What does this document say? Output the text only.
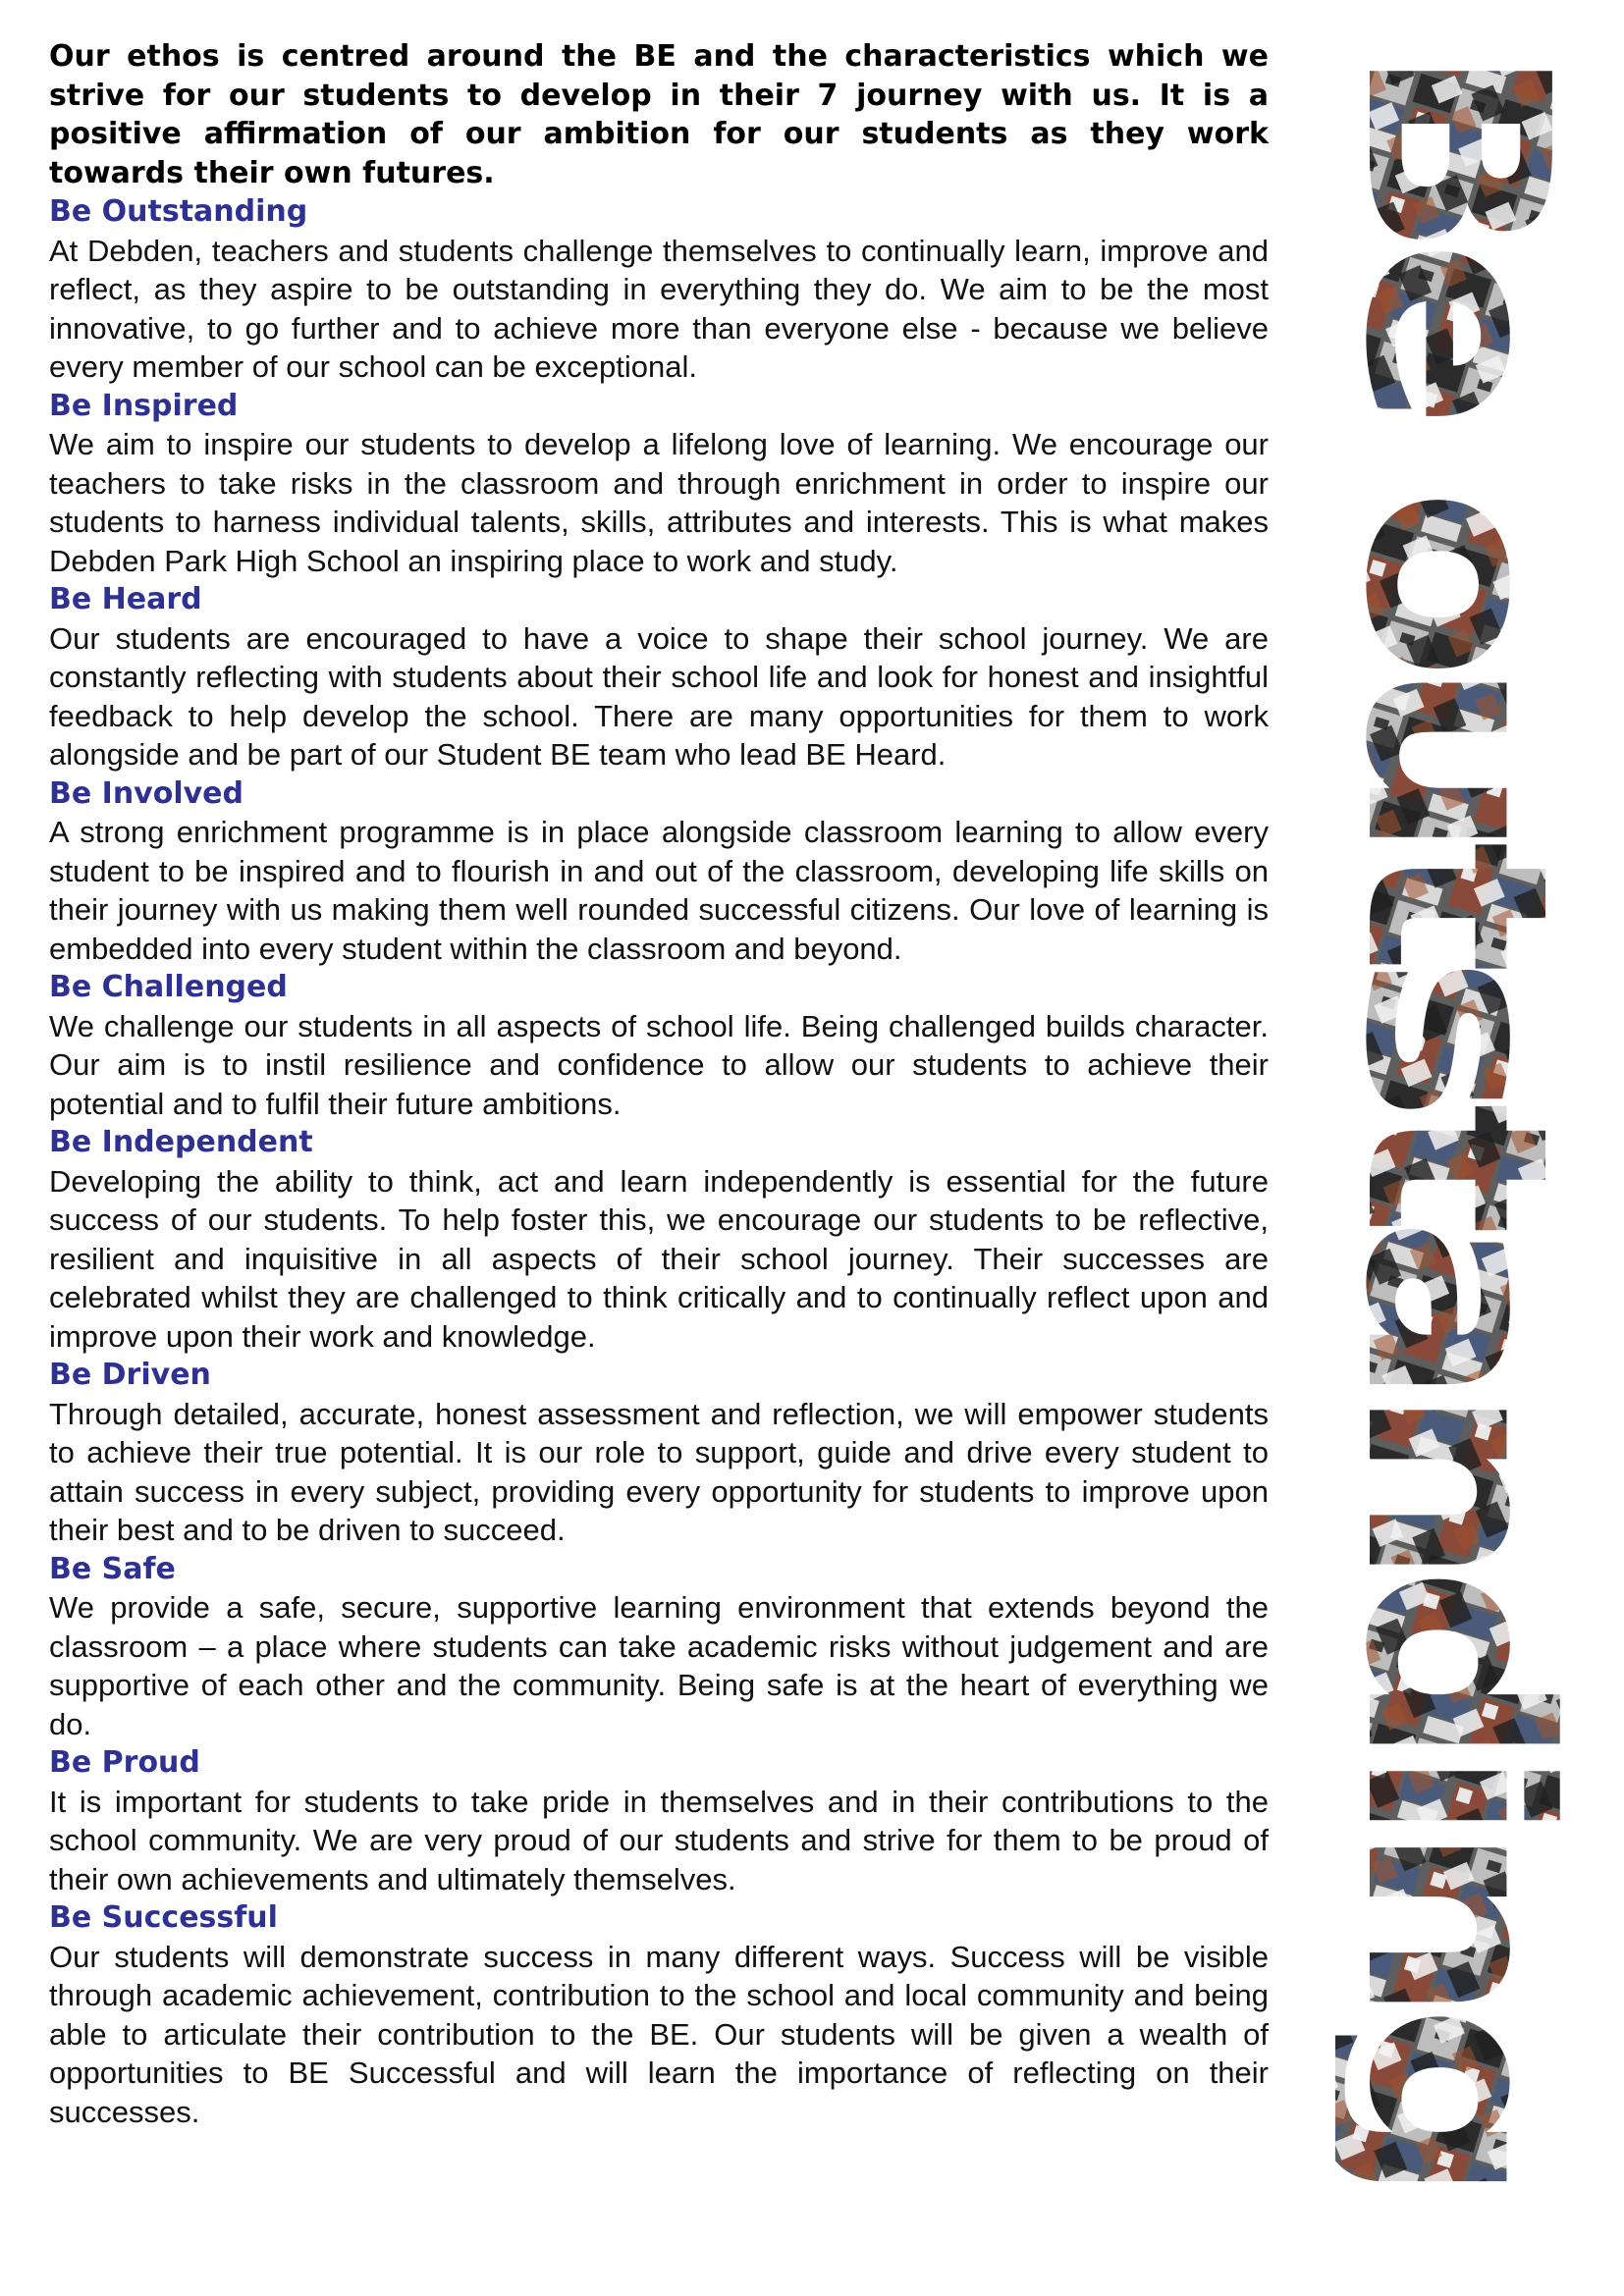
Our ethos is centred around the BE and the characteristics which we strive for our students to develop in their 7 journey with us. It is a positive affirmation of our ambition for our students as they work towards their own futures.

Be Outstanding

At Debden, teachers and students challenge themselves to continually learn, improve and reflect, as they aspire to be outstanding in everything they do. We aim to be the most innovative, to go further and to achieve more than everyone else - because we believe every member of our school can be exceptional.

Be Inspired

We aim to inspire our students to develop a lifelong love of learning. We encourage our teachers to take risks in the classroom and through enrichment in order to inspire our students to harness individual talents, skills, attributes and interests. This is what makes Debden Park High School an inspiring place to work and study.

Be Heard

Our students are encouraged to have a voice to shape their school journey. We are constantly reflecting with students about their school life and look for honest and insightful feedback to help develop the school. There are many opportunities for them to work alongside and be part of our Student BE team who lead BE Heard.

Be Involved

A strong enrichment programme is in place alongside classroom learning to allow every student to be inspired and to flourish in and out of the classroom, developing life skills on their journey with us making them well rounded successful citizens. Our love of learning is embedded into every student within the classroom and beyond.

Be Challenged

We challenge our students in all aspects of school life. Being challenged builds character. Our aim is to instil resilience and confidence to allow our students to achieve their potential and to fulfil their future ambitions.

Be Independent

Developing the ability to think, act and learn independently is essential for the future success of our students. To help foster this, we encourage our students to be reflective, resilient and inquisitive in all aspects of their school journey. Their successes are celebrated whilst they are challenged to think critically and to continually reflect upon and improve upon their work and knowledge.

Be Driven

Through detailed, accurate, honest assessment and reflection, we will empower students to achieve their true potential. It is our role to support, guide and drive every student to attain success in every subject, providing every opportunity for students to improve upon their best and to be driven to succeed.

Be Safe

We provide a safe, secure, supportive learning environment that extends beyond the classroom – a place where students can take academic risks without judgement and are supportive of each other and the community. Being safe is at the heart of everything we do.

Be Proud

It is important for students to take pride in themselves and in their contributions to the school community. We are very proud of our students and strive for them to be proud of their own achievements and ultimately themselves.

Be Successful

Our students will demonstrate success in many different ways. Success will be visible through academic achievement, contribution to the school and local community and being able to articulate their contribution to the BE. Our students will be given a wealth of opportunities to BE Successful and will learn the importance of reflecting on their successes.
